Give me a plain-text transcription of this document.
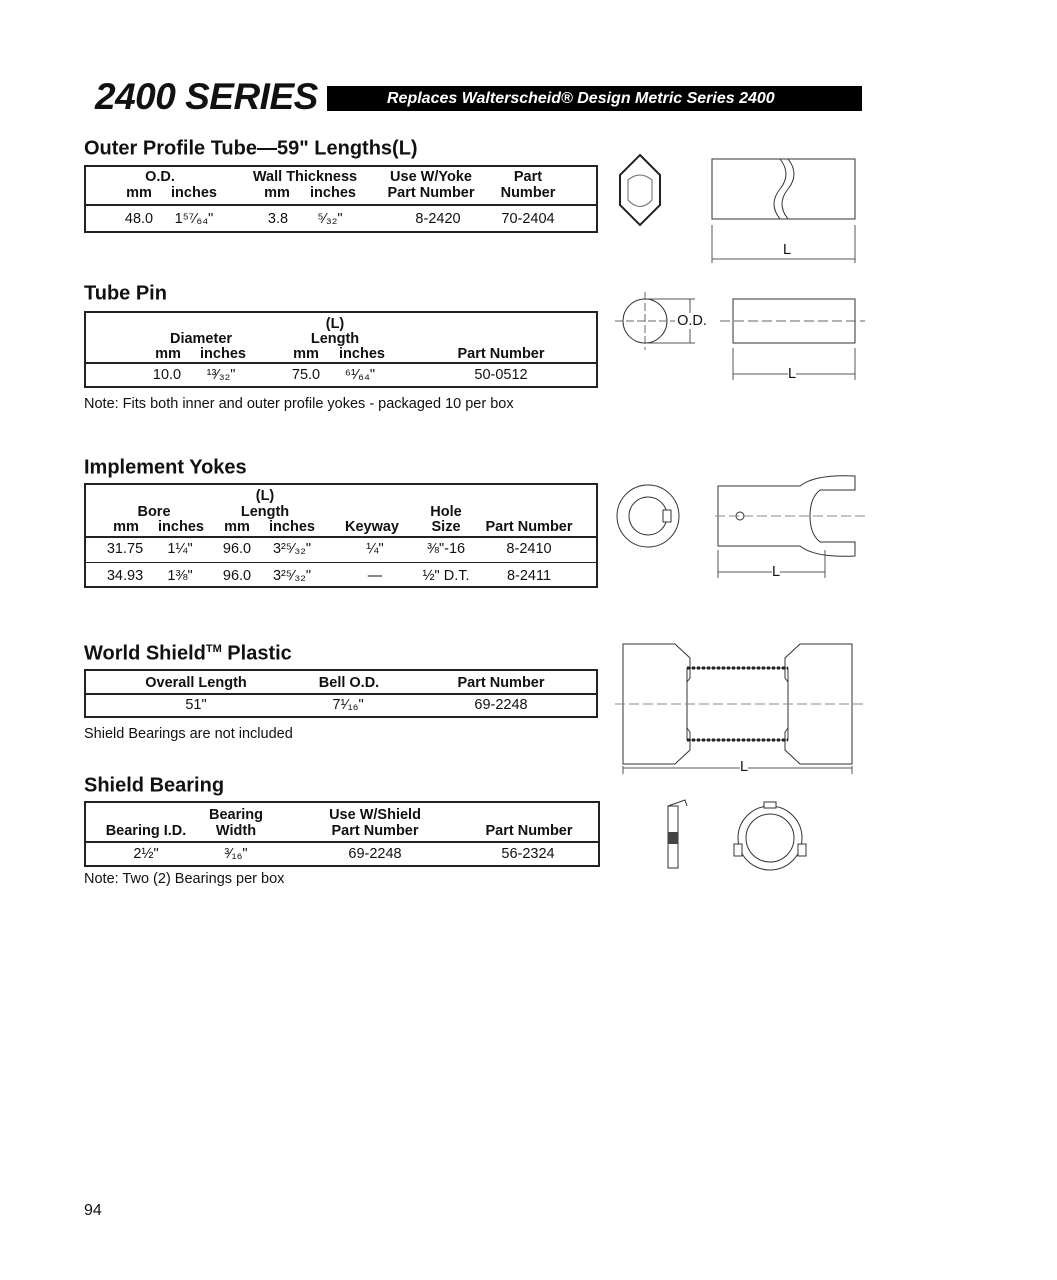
2400 SERIES	Replaces Walterscheid® Design Metric Series 2400
Outer Profile Tube—59" Lengths(L)
O.D.
mm inches
Wall Thickness
mm inches
Use W/Yoke
Part Number
Part
Number
48.0 1⁵⁷⁄₆₄"	3.8 ⁵⁄₃₂"	8-2420	70-2404
L
Tube Pin
Diameter
mm inches
(L)
Length
mm inches	Part Number
10.0 ¹³⁄₃₂"	75.0 ⁶¹⁄₆₄"	50-0512
Note: Fits both inner and outer profile yokes - packaged 10 per box
O.D.
L
Implement Yokes
Bore
mm inches
(L)
Length
mm inches Keyway
Hole
Size Part Number
31.75 1¼" 96.0 3²⁵⁄₃₂"	¼"	⅜"-16	8-2410
34.93 1⅜" 96.0 3²⁵⁄₃₂"	—	½" D.T.	8-2411	L
World Shield™ Plastic
Overall Length	Bell O.D.	Part Number
51"	7¹⁄₁₆"	69-2248
Shield Bearings are not included
L
Shield Bearing
Bearing I.D.
Bearing
Width
Use W/Shield
Part Number	Part Number
2½"	³⁄₁₆"	69-2248	56-2324
Note: Two (2) Bearings per box
94
